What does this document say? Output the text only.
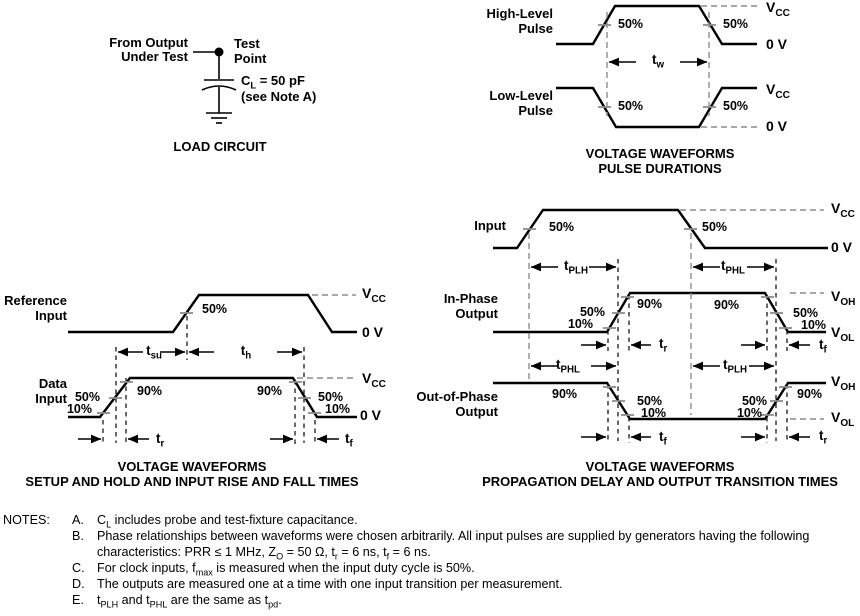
From Output
Under Test
Test
Point
$C_L = 50$ pF
(see Note A)
LOAD CIRCUIT
High-Level
Pulse	50%	50%
$V_{CC}$
0 V
$t_w$
Low-Level
Pulse	50%	50%
$V_{CC}$
0 V
VOLTAGE WAVEFORMS
PULSE DURATIONS
Reference
Input	50%
$V_{CC}$
0 V
$t_{su}$	$t_h$
Data
Input 50%
10%
90%	90%	50%
10%
$V_{CC}$
0 V
$t_r$	$t_f$
VOLTAGE WAVEFORMS
SETUP AND HOLD AND INPUT RISE AND FALL TIMES
Input	50%	50%
$V_{CC}$
0 V
$t_{PLH}$	$t_{PHL}$
In-Phase
Output	50%
10%
90%	90%
50%
10%
$V_{OH}$
$V_{OL}$
$t_r$	$t_f$
$t_{PHL}$	$t_{PLH}$
Out-of-Phase
Output
90%	50%
10%
50%
10%
90%
$V_{OH}$
$V_{OL}$
$t_f$	$t_r$
VOLTAGE WAVEFORMS
PROPAGATION DELAY AND OUTPUT TRANSITION TIMES
NOTES:	A.	$C_L$ includes probe and test-fixture capacitance.
B.	Phase relationships between waveforms were chosen arbitrarily. All input pulses are supplied by generators having the following characteristics: PRR ≤ 1 MHz, $Z_O = 50$ Ω, $t_r = 6$ ns, $t_f = 6$ ns.
C. For clock inputs, $f_{max}$ is measured when the input duty cycle is 50%.
D. The outputs are measured one at a time with one input transition per measurement.
E.	$t_{PLH}$ and $t_{PHL}$ are the same as $t_{pd}$.
